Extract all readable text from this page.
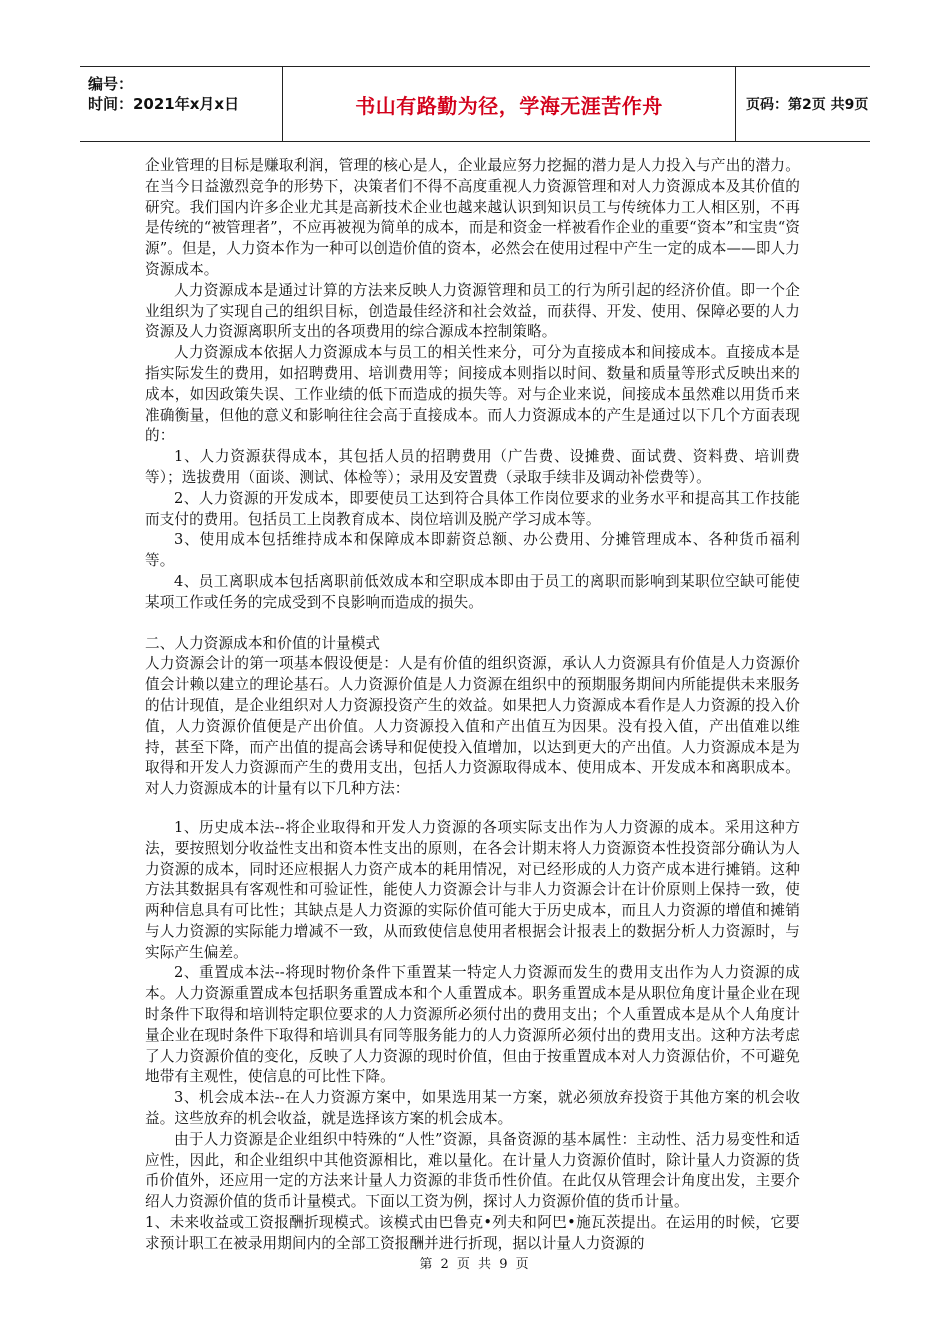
编号：
时间：2021年x月x日	书山有路勤为径，学海无涯苦作舟	页码：第2页 共9页

企业管理的目标是赚取利润，管理的核心是人，企业最应努力挖掘的潜力是人力投入与产出的潜力。在当今日益激烈竞争的形势下，决策者们不得不高度重视人力资源管理和对人力资源成本及其价值的研究。我们国内许多企业尤其是高新技术企业也越来越认识到知识员工与传统体力工人相区别，不再是传统的“被管理者”，不应再被视为简单的成本，而是和资金一样被看作企业的重要“资本”和宝贵“资源”。但是，人力资本作为一种可以创造价值的资本，必然会在使用过程中产生一定的成本——即人力资源成本。

人力资源成本是通过计算的方法来反映人力资源管理和员工的行为所引起的经济价值。即一个企业组织为了实现自己的组织目标，创造最佳经济和社会效益，而获得、开发、使用、保障必要的人力资源及人力资源离职所支出的各项费用的综合源成本控制策略。

人力资源成本依据人力资源成本与员工的相关性来分，可分为直接成本和间接成本。直接成本是指实际发生的费用，如招聘费用、培训费用等；间接成本则指以时间、数量和质量等形式反映出来的成本，如因政策失误、工作业绩的低下而造成的损失等。对与企业来说，间接成本虽然难以用货币来准确衡量，但他的意义和影响往往会高于直接成本。而人力资源成本的产生是通过以下几个方面表现的：

1、人力资源获得成本，其包括人员的招聘费用（广告费、设摊费、面试费、资料费、培训费等）；选拔费用（面谈、测试、体检等）；录用及安置费（录取手续非及调动补偿费等）。

2、人力资源的开发成本，即要使员工达到符合具体工作岗位要求的业务水平和提高其工作技能而支付的费用。包括员工上岗教育成本、岗位培训及脱产学习成本等。

3、使用成本包括维持成本和保障成本即薪资总额、办公费用、分摊管理成本、各种货币福利等。

4、员工离职成本包括离职前低效成本和空职成本即由于员工的离职而影响到某职位空缺可能使某项工作或任务的完成受到不良影响而造成的损失。

二、人力资源成本和价值的计量模式

人力资源会计的第一项基本假设便是：人是有价值的组织资源，承认人力资源具有价值是人力资源价值会计赖以建立的理论基石。人力资源价值是人力资源在组织中的预期服务期间内所能提供未来服务的估计现值，是企业组织对人力资源投资产生的效益。如果把人力资源成本看作是人力资源的投入价值，人力资源价值便是产出价值。人力资源投入值和产出值互为因果。没有投入值，产出值难以维持，甚至下降，而产出值的提高会诱导和促使投入值增加，以达到更大的产出值。人力资源成本是为取得和开发人力资源而产生的费用支出，包括人力资源取得成本、使用成本、开发成本和离职成本。对人力资源成本的计量有以下几种方法：

1、历史成本法--将企业取得和开发人力资源的各项实际支出作为人力资源的成本。采用这种方法，要按照划分收益性支出和资本性支出的原则，在各会计期末将人力资源资本性投资部分确认为人力资源的成本，同时还应根据人力资产成本的耗用情况，对已经形成的人力资产成本进行摊销。这种方法其数据具有客观性和可验证性，能使人力资源会计与非人力资源会计在计价原则上保持一致，使两种信息具有可比性；其缺点是人力资源的实际价值可能大于历史成本，而且人力资源的增值和摊销与人力资源的实际能力增减不一致，从而致使信息使用者根据会计报表上的数据分析人力资源时，与实际产生偏差。

2、重置成本法--将现时物价条件下重置某一特定人力资源而发生的费用支出作为人力资源的成本。人力资源重置成本包括职务重置成本和个人重置成本。职务重置成本是从职位角度计量企业在现时条件下取得和培训特定职位要求的人力资源所必须付出的费用支出；个人重置成本是从个人角度计量企业在现时条件下取得和培训具有同等服务能力的人力资源所必须付出的费用支出。这种方法考虑了人力资源价值的变化，反映了人力资源的现时价值，但由于按重置成本对人力资源估价，不可避免地带有主观性，使信息的可比性下降。

3、机会成本法--在人力资源方案中，如果选用某一方案，就必须放弃投资于其他方案的机会收益。这些放弃的机会收益，就是选择该方案的机会成本。

由于人力资源是企业组织中特殊的“人性”资源，具备资源的基本属性：主动性、活力易变性和适应性，因此，和企业组织中其他资源相比，难以量化。在计量人力资源价值时，除计量人力资源的货币价值外，还应用一定的方法来计量人力资源的非货币性价值。在此仅从管理会计角度出发，主要介绍人力资源价值的货币计量模式。下面以工资为例，探讨人力资源价值的货币计量。

1、未来收益或工资报酬折现模式。该模式由巴鲁克•列夫和阿巴•施瓦茨提出。在运用的时候，它要求预计职工在被录用期间内的全部工资报酬并进行折现，据以计量人力资源的

第 2 页 共 9 页
